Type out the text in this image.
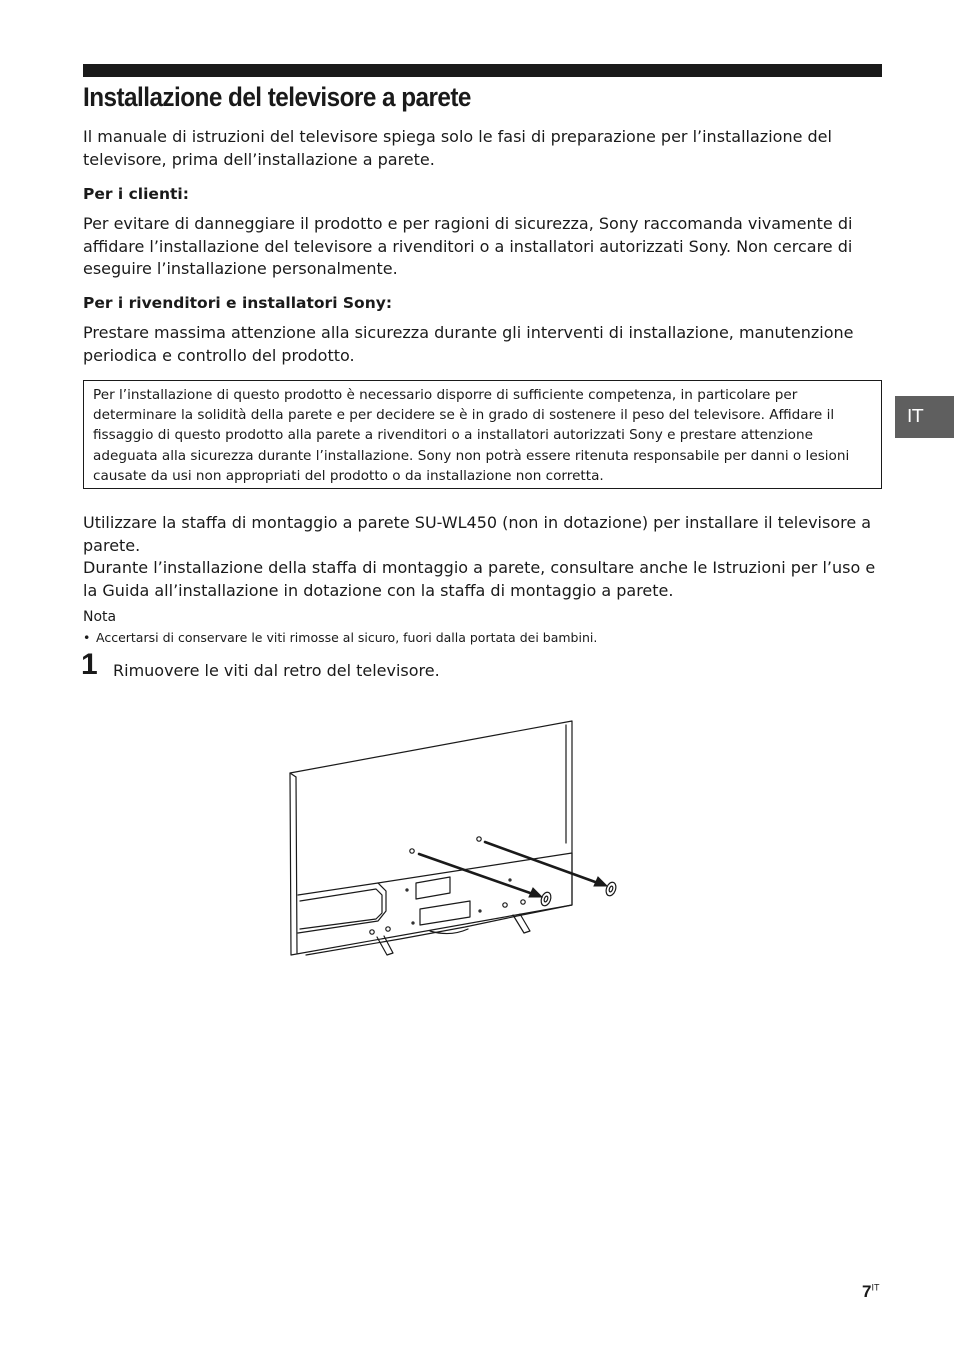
Installazione del televisore a parete

Il manuale di istruzioni del televisore spiega solo le fasi di preparazione per l’installazione del televisore, prima dell’installazione a parete.

Per i clienti:

Per evitare di danneggiare il prodotto e per ragioni di sicurezza, Sony raccomanda vivamente di affidare l’installazione del televisore a rivenditori o a installatori autorizzati Sony. Non cercare di eseguire l’installazione personalmente.

Per i rivenditori e installatori Sony:

Prestare massima attenzione alla sicurezza durante gli interventi di installazione, manutenzione periodica e controllo del prodotto.

Per l’installazione di questo prodotto è necessario disporre di sufficiente competenza, in particolare per determinare la solidità della parete e per decidere se è in grado di sostenere il peso del televisore. Affidare il fissaggio di questo prodotto alla parete a rivenditori o a installatori autorizzati Sony e prestare attenzione adeguata alla sicurezza durante l’installazione. Sony non potrà essere ritenuta responsabile per danni o lesioni causate da usi non appropriati del prodotto o da installazione non corretta.

Utilizzare la staffa di montaggio a parete SU-WL450 (non in dotazione) per installare il televisore a parete.

Durante l’installazione della staffa di montaggio a parete, consultare anche le Istruzioni per l’uso e la Guida all’installazione in dotazione con la staffa di montaggio a parete.

Nota

• Accertarsi di conservare le viti rimosse al sicuro, fuori dalla portata dei bambini.

1 Rimuovere le viti dal retro del televisore.

IT

$7^{IT}$
